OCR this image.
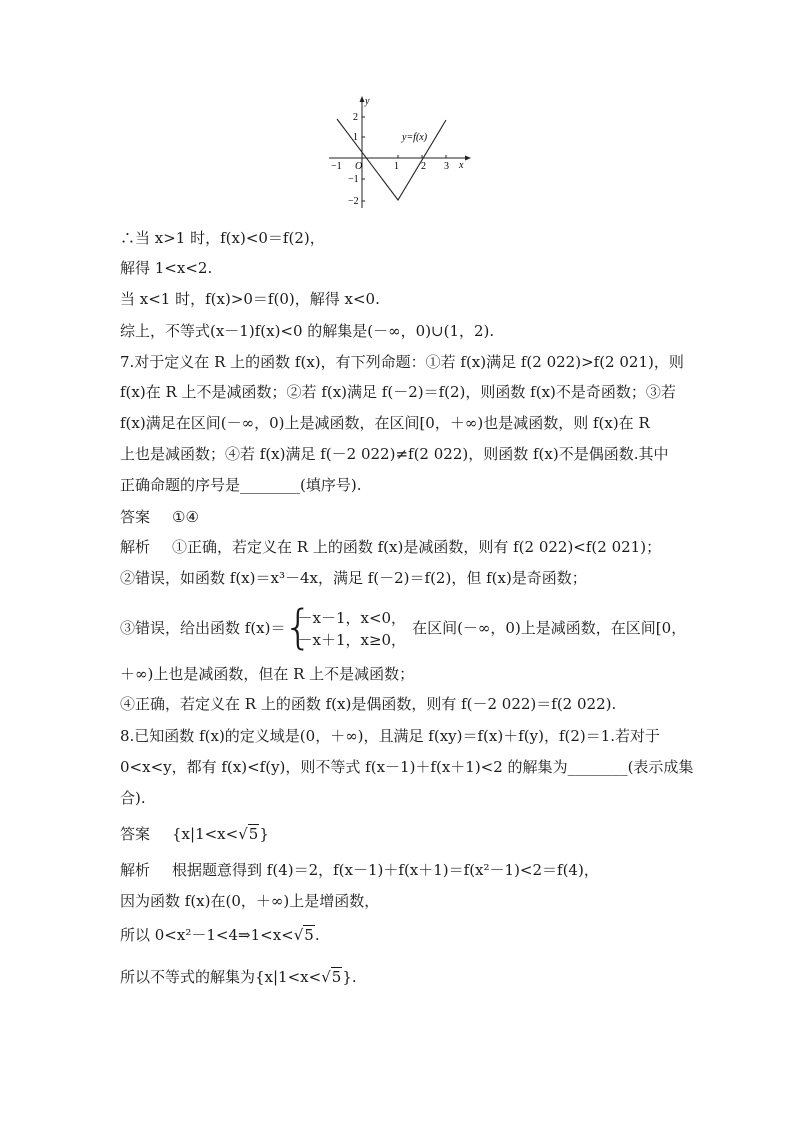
y
x
O
y=f(x)
−1	1 2 3
2
1
−1
−2
∴当 x>1 时，f(x)<0＝f(2)，
解得 1<x<2.
当 x<1 时，f(x)>0＝f(0)，解得 x<0.
综上，不等式(x－1)f(x)<0 的解集是(－∞，0)∪(1，2).
7.对于定义在 R 上的函数 f(x)，有下列命题：①若 f(x)满足 f(2 022)>f(2 021)，则
f(x)在 R 上不是减函数；②若 f(x)满足 f(－2)＝f(2)，则函数 f(x)不是奇函数；③若
f(x)满足在区间(－∞，0)上是减函数，在区间[0，＋∞)也是减函数，则 f(x)在 R
上也是减函数；④若 f(x)满足 f(－2 022)≠f(2 022)，则函数 f(x)不是偶函数.其中
正确命题的序号是________(填序号).
答案 ①④
解析 ①正确，若定义在 R 上的函数 f(x)是减函数，则有 f(2 022)<f(2 021)；
②错误，如函数 f(x)＝x³－4x，满足 f(－2)＝f(2)，但 f(x)是奇函数；
③错误，给出函数 f(x)＝
{
－x－1，x<0，
－x＋1，x≥0，
在区间(－∞，0)上是减函数，在区间[0，
＋∞)上也是减函数，但在 R 上不是减函数；
④正确，若定义在 R 上的函数 f(x)是偶函数，则有 f(－2 022)＝f(2 022).
8.已知函数 f(x)的定义域是(0，＋∞)，且满足 f(xy)＝f(x)＋f(y)，f(2)＝1.若对于
0<x<y，都有 f(x)<f(y)，则不等式 f(x－1)＋f(x＋1)<2 的解集为________(表示成集
合).
答案 {x|1<x<√5}
解析 根据题意得到 f(4)＝2，f(x－1)＋f(x＋1)＝f(x²－1)<2＝f(4)，
因为函数 f(x)在(0，＋∞)上是增函数，
所以 0<x²－1<4⇒1<x<√5.
所以不等式的解集为{x|1<x<√5}.
